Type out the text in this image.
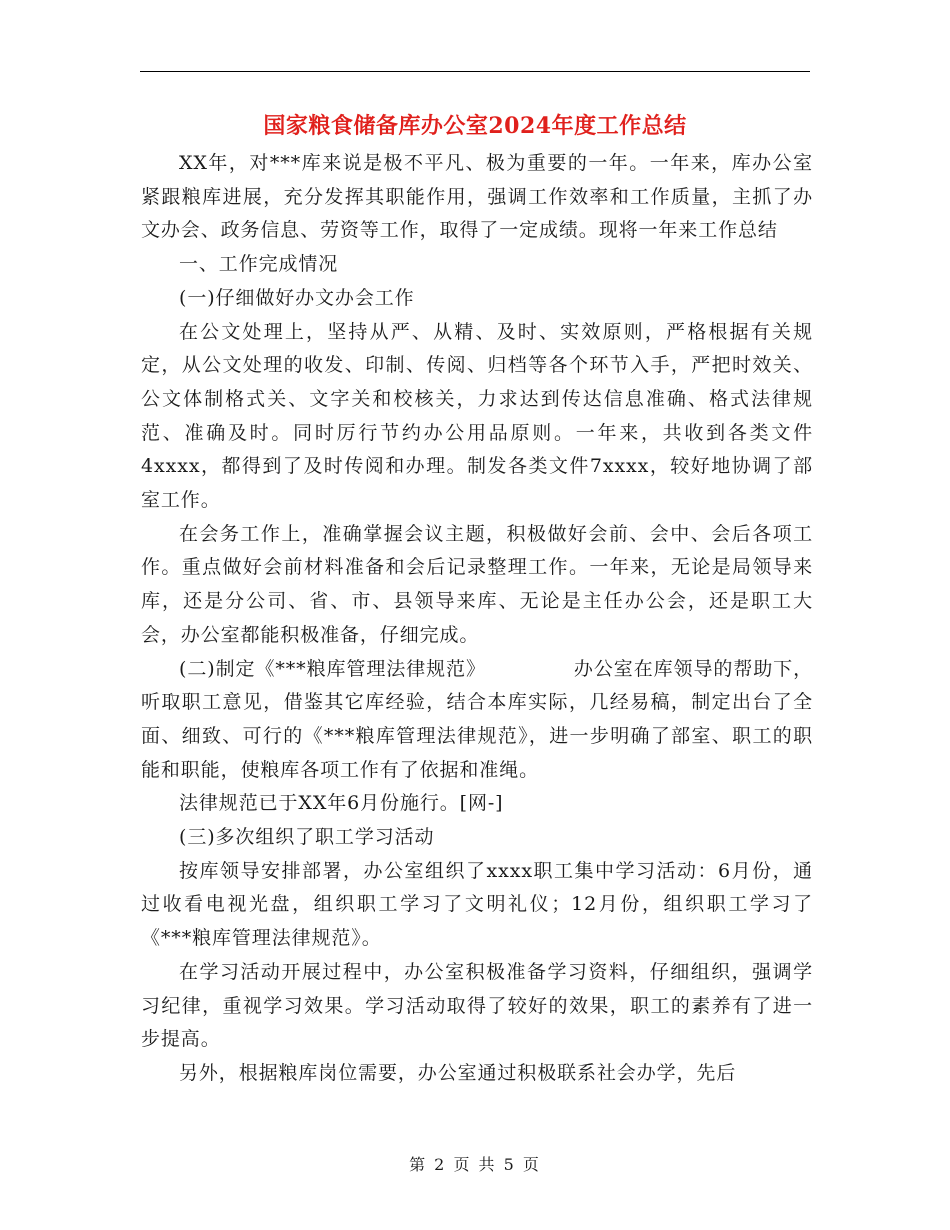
国家粮食储备库办公室2024年度工作总结

XX年，对***库来说是极不平凡、极为重要的一年。一年来，库办公室紧跟粮库进展，充分发挥其职能作用，强调工作效率和工作质量，主抓了办文办会、政务信息、劳资等工作，取得了一定成绩。现将一年来工作总结

一、工作完成情况

(一)仔细做好办文办会工作

在公文处理上，坚持从严、从精、及时、实效原则，严格根据有关规定，从公文处理的收发、印制、传阅、归档等各个环节入手，严把时效关、公文体制格式关、文字关和校核关，力求达到传达信息准确、格式法律规范、准确及时。同时厉行节约办公用品原则。一年来，共收到各类文件4xxxx，都得到了及时传阅和办理。制发各类文件7xxxx，较好地协调了部室工作。

在会务工作上，准确掌握会议主题，积极做好会前、会中、会后各项工作。重点做好会前材料准备和会后记录整理工作。一年来，无论是局领导来库，还是分公司、省、市、县领导来库、无论是主任办公会，还是职工大会，办公室都能积极准备，仔细完成。

(二)制定《***粮库管理法律规范》	办公室在库领导的帮助下，听取职工意见，借鉴其它库经验，结合本库实际，几经易稿，制定出台了全面、细致、可行的《***粮库管理法律规范》，进一步明确了部室、职工的职能和职能，使粮库各项工作有了依据和准绳。

法律规范已于XX年6月份施行。[网-]

(三)多次组织了职工学习活动

按库领导安排部署，办公室组织了xxxx职工集中学习活动：6月份，通过收看电视光盘，组织职工学习了文明礼仪；12月份，组织职工学习了《***粮库管理法律规范》。

在学习活动开展过程中，办公室积极准备学习资料，仔细组织，强调学习纪律，重视学习效果。学习活动取得了较好的效果，职工的素养有了进一步提高。

另外，根据粮库岗位需要，办公室通过积极联系社会办学，先后

第 2 页 共 5 页
